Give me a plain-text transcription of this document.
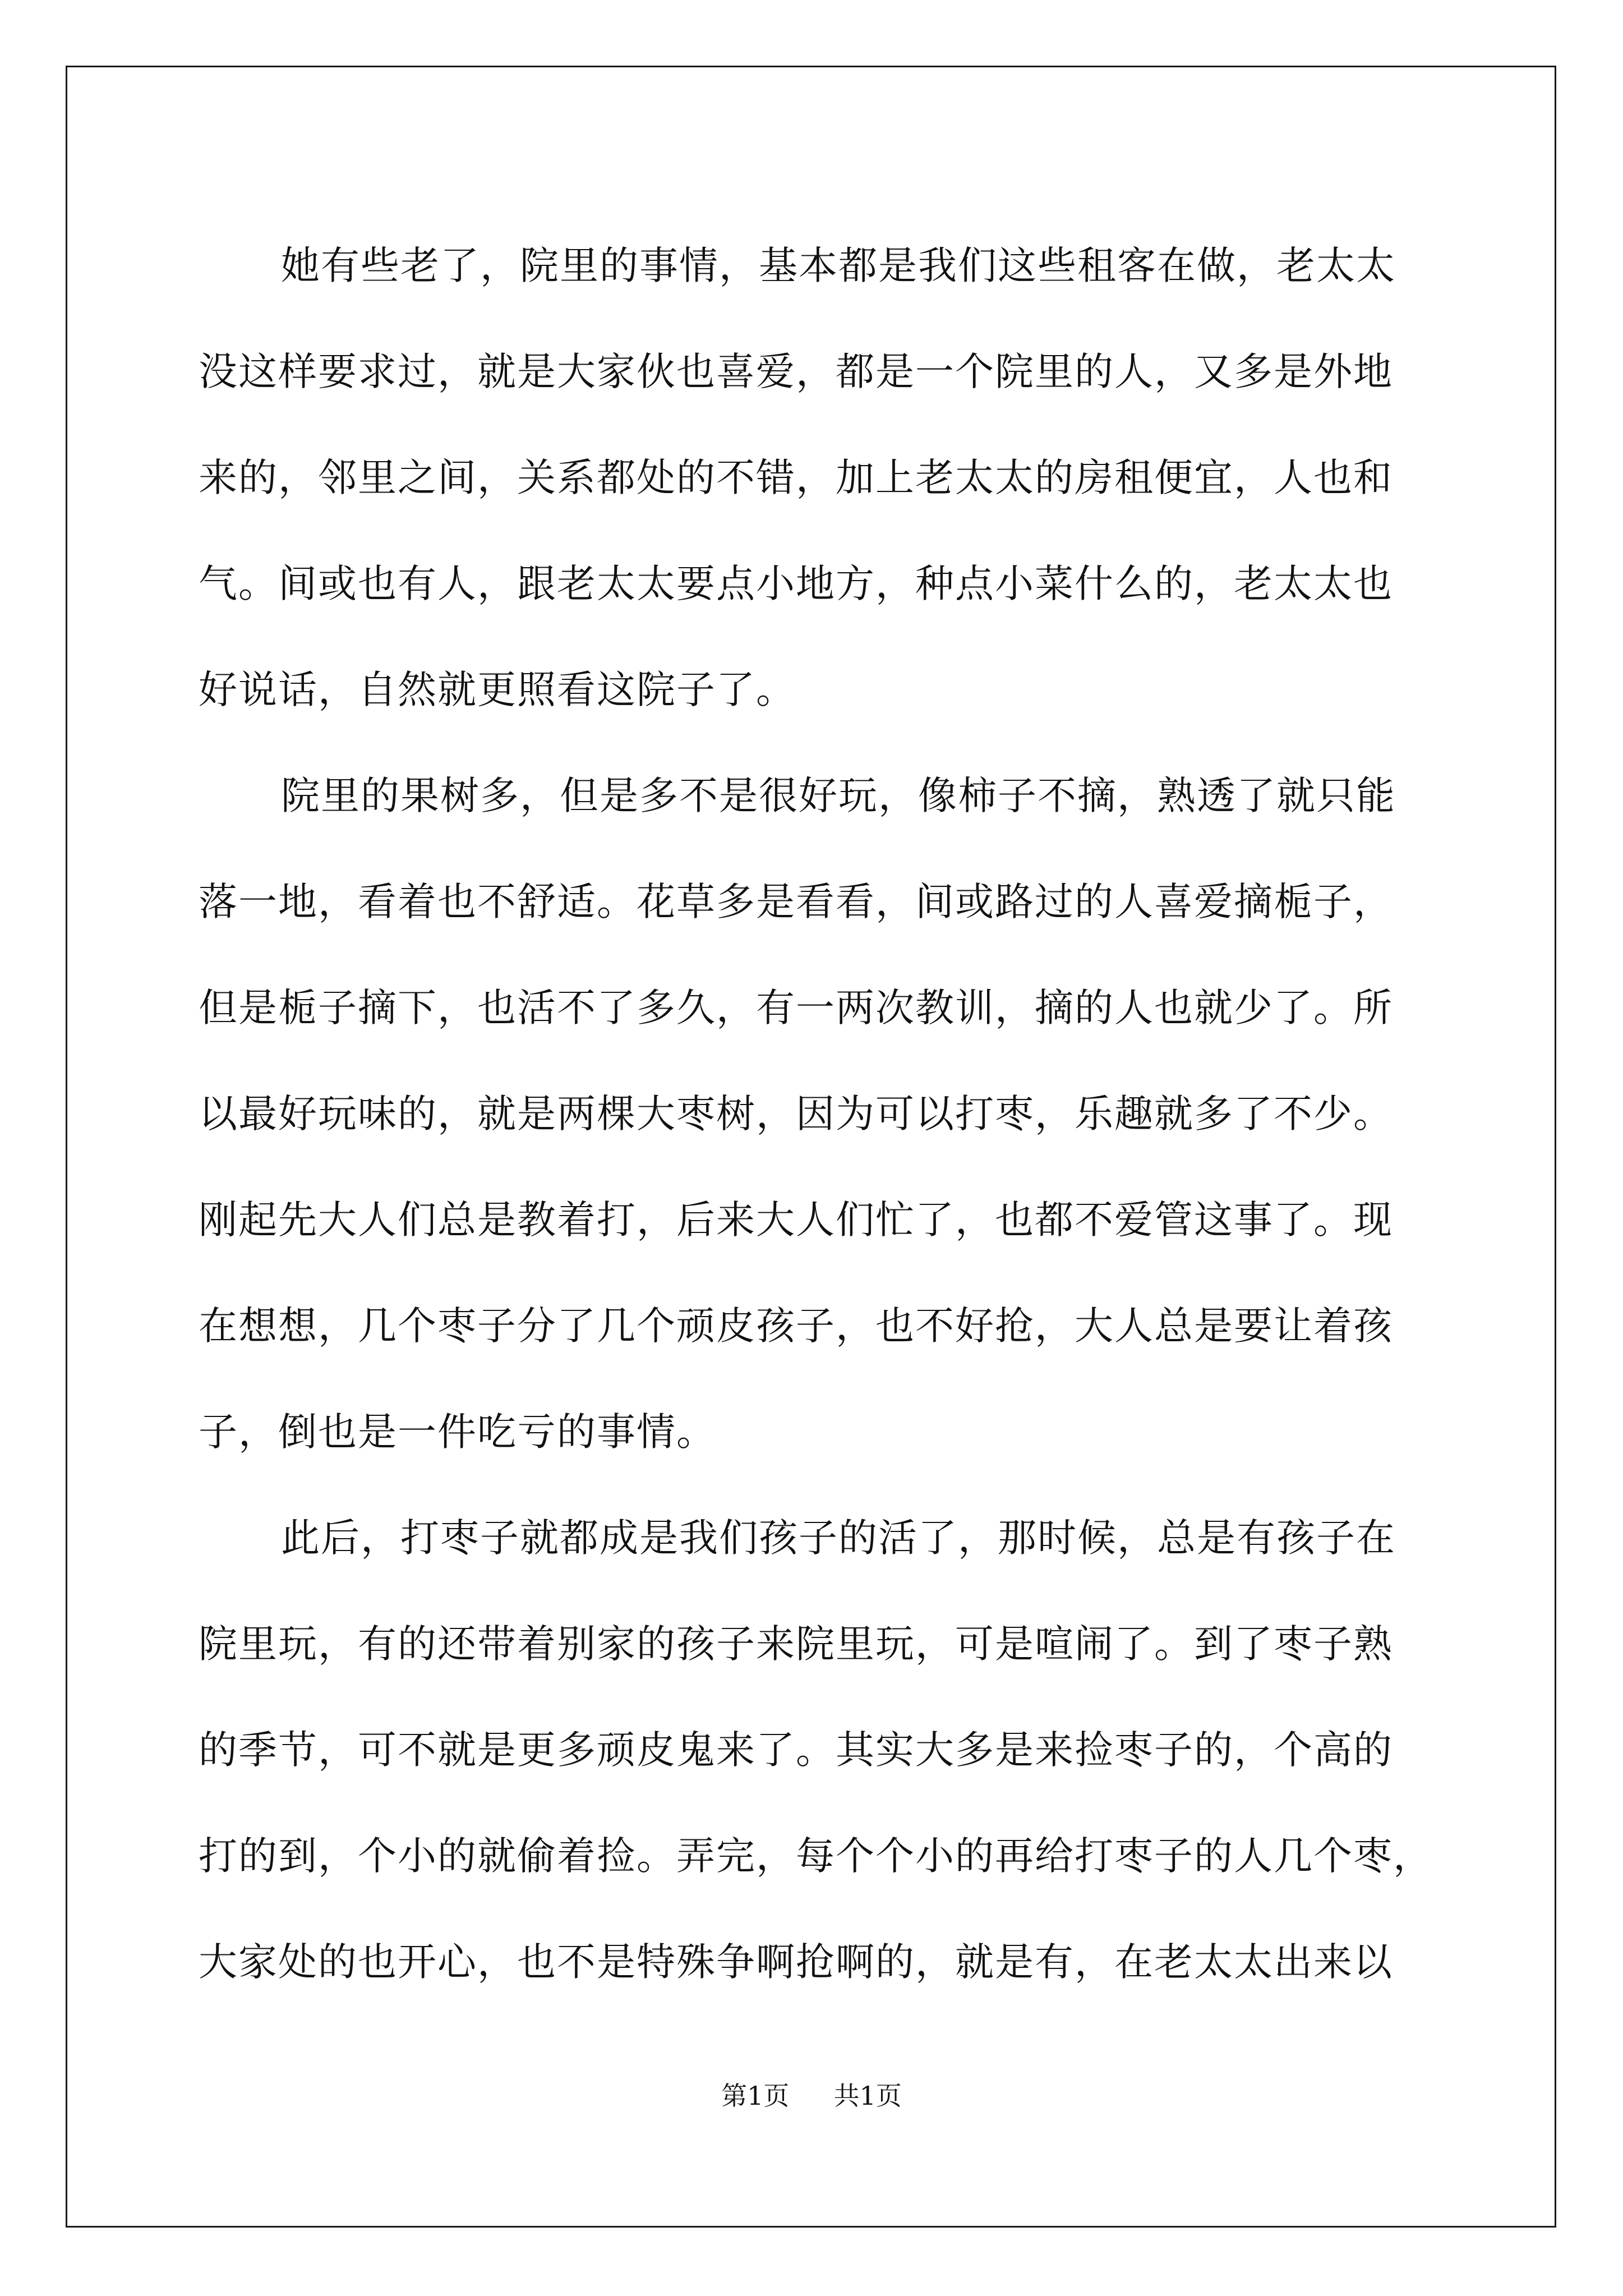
她有些老了，院里的事情，基本都是我们这些租客在做，老太太
没这样要求过，就是大家伙也喜爱，都是一个院里的人，又多是外地
来的，邻里之间，关系都处的不错，加上老太太的房租便宜，人也和
气。间或也有人，跟老太太要点小地方，种点小菜什么的，老太太也
好说话，自然就更照看这院子了。
院里的果树多，但是多不是很好玩，像柿子不摘，熟透了就只能
落一地，看着也不舒适。花草多是看看，间或路过的人喜爱摘栀子，
但是栀子摘下，也活不了多久，有一两次教训，摘的人也就少了。所
以最好玩味的，就是两棵大枣树，因为可以打枣，乐趣就多了不少。
刚起先大人们总是教着打，后来大人们忙了，也都不爱管这事了。现
在想想，几个枣子分了几个顽皮孩子，也不好抢，大人总是要让着孩
子，倒也是一件吃亏的事情。
此后，打枣子就都成是我们孩子的活了，那时候，总是有孩子在
院里玩，有的还带着别家的孩子来院里玩，可是喧闹了。到了枣子熟
的季节，可不就是更多顽皮鬼来了。其实大多是来捡枣子的，个高的
打的到，个小的就偷着捡。弄完，每个个小的再给打枣子的人几个枣，
大家处的也开心，也不是特殊争啊抢啊的，就是有，在老太太出来以
第1页 共1页
